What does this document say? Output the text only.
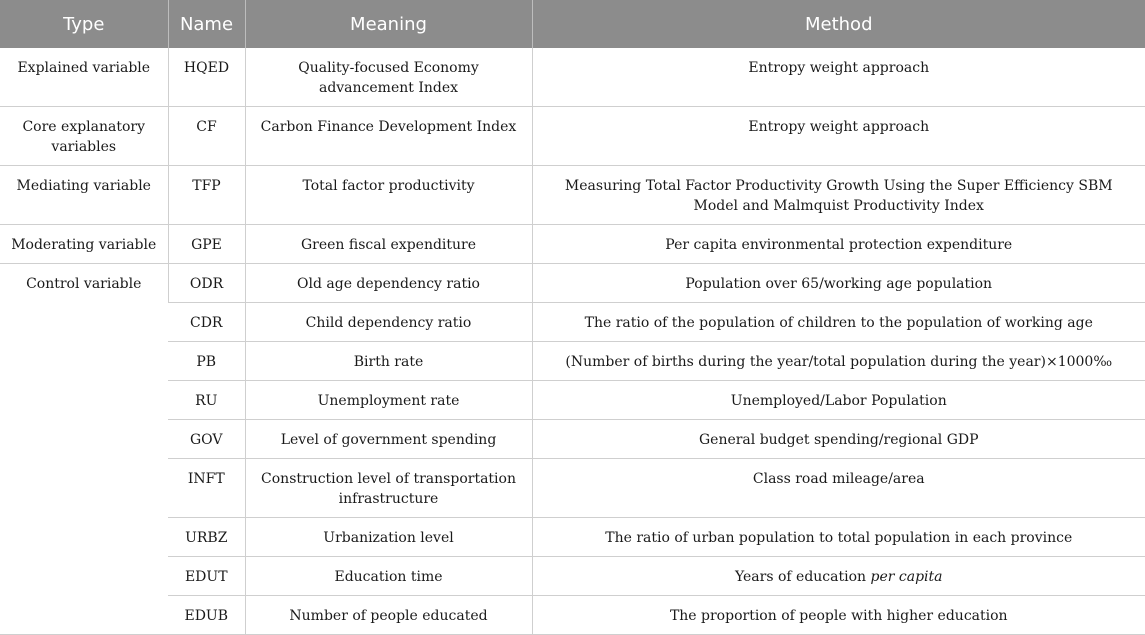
Type	Name	Meaning	Method
Explained variable	HQED	Quality-focused Economy advancement Index	Entropy weight approach
Core explanatory variables	CF	Carbon Finance Development Index	Entropy weight approach
Mediating variable	TFP	Total factor productivity	Measuring Total Factor Productivity Growth Using the Super Efficiency SBM Model and Malmquist Productivity Index
Moderating variable	GPE	Green fiscal expenditure	Per capita environmental protection expenditure
Control variable	ODR	Old age dependency ratio	Population over 65/working age population
	CDR	Child dependency ratio	The ratio of the population of children to the population of working age
	PB	Birth rate	(Number of births during the year/total population during the year)×1000‰
	RU	Unemployment rate	Unemployed/Labor Population
	GOV	Level of government spending	General budget spending/regional GDP
	INFT	Construction level of transportation infrastructure	Class road mileage/area
	URBZ	Urbanization level	The ratio of urban population to total population in each province
	EDUT	Education time	Years of education per capita
	EDUB	Number of people educated	The proportion of people with higher education
